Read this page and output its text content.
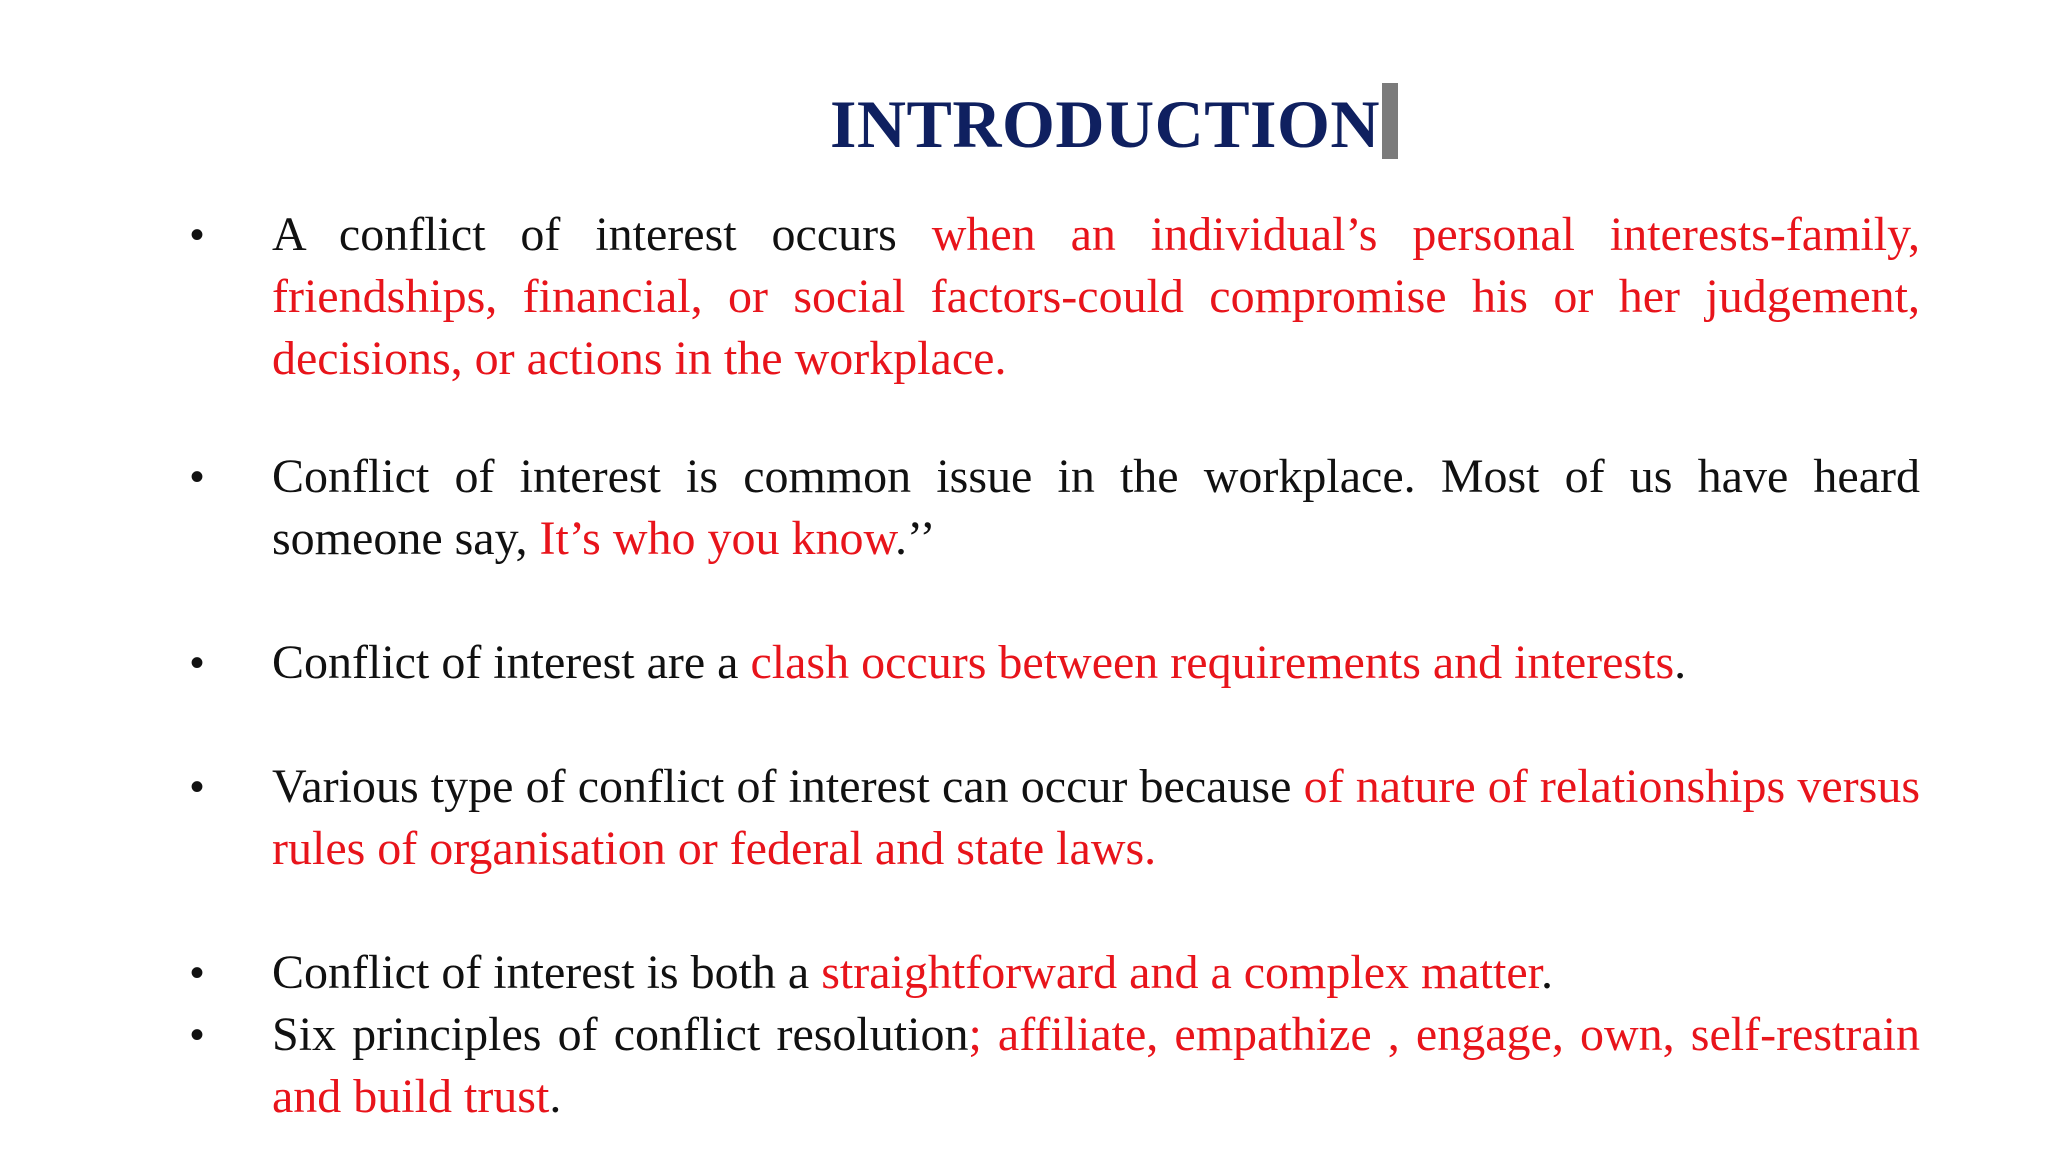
INTRODUCTION
•	A conflict of interest occurs when an individual’s personal interests-family, friendships, financial, or social factors-could compromise his or her judgement, decisions, or actions in the workplace.
•	Conflict of interest is common issue in the workplace. Most of us have heard someone say, It’s who you know.’’
•	Conflict of interest are a clash occurs between requirements and interests.
•	Various type of conflict of interest can occur because of nature of relationships versus rules of organisation or federal and state laws.
•	Conflict of interest is both a straightforward and a complex matter.
•	Six principles of conflict resolution; affiliate, empathize , engage, own, self-restrain and build trust.
